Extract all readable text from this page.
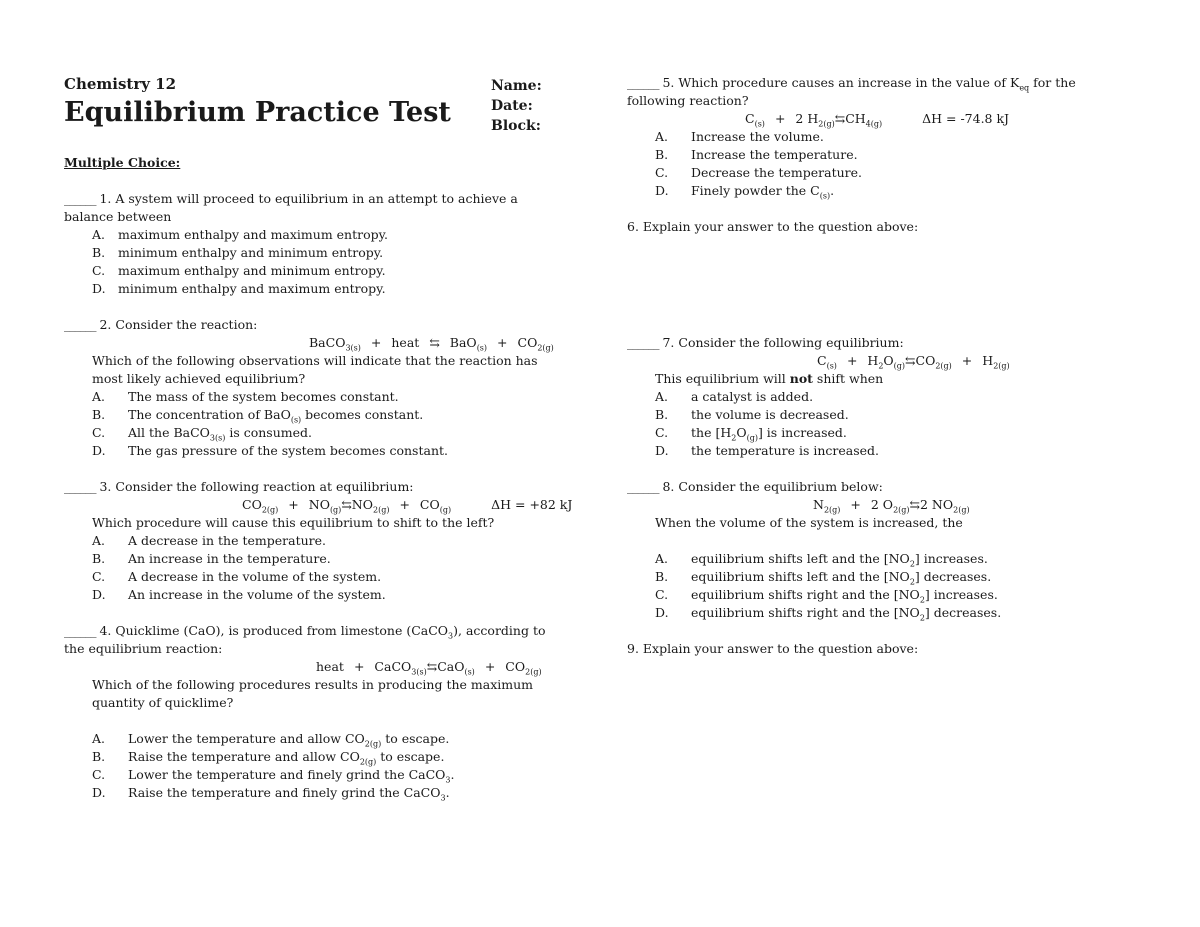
Name:
Date:
Block:
Chemistry 12
Equilibrium Practice Test
Multiple Choice:
______ 1. A system will proceed to equilibrium in an attempt to achieve a balance between
A. maximum enthalpy and maximum entropy.
B. minimum enthalpy and minimum entropy.
C. maximum enthalpy and minimum entropy.
D. minimum enthalpy and maximum entropy.
______ 2. Consider the reaction:
BaCO$_{3(s)}$ + heat ⇆ $BaO_{(s)} + CO_{2(g)}$
Which of the following observations will indicate that the reaction has most likely achieved equilibrium?
A. The mass of the system becomes constant.
B. The concentration of BaO$_{(s)}$ becomes constant.
C. All the BaCO$_{3(s)}$ is consumed.
D. The gas pressure of the system becomes constant.
______ 3. Consider the following reaction at equilibrium:
$CO_{2(g)}$ + $NO_{(g)}⇆NO_{2(g)} + CO_{(g)}$	ΔH = +82 kJ
Which procedure will cause this equilibrium to shift to the left?
A. A decrease in the temperature.
B. An increase in the temperature.
C. A decrease in the volume of the system.
D. An increase in the volume of the system.
______ 4. Quicklime (CaO), is produced from limestone (CaCO$_3$), according to the equilibrium reaction:
heat + CaCO$_{3(s)}$⇆CaO$_{(s)}$ + $CO_{2(g)}$
Which of the following procedures results in producing the maximum quantity of quicklime?
A. Lower the temperature and allow $CO_{2(g)}$ to escape.
B. Raise the temperature and allow $CO_{2(g)}$ to escape.
C. Lower the temperature and finely grind the CaCO$_3$.
D. Raise the temperature and finely grind the CaCO$_3$.
______ 5. Which procedure causes an increase in the value of $K_{eq}$ for the following reaction?
$C_{(s)} + 2$ $H_{2(g)}⇆CH_{4(g)}$	ΔH = -74.8 kJ
A. Increase the volume.
B. Increase the temperature.
C. Decrease the temperature.
D. Finely powder the $C_{(s)}$.
6. Explain your answer to the question above:
______ 7. Consider the following equilibrium:
$C_{(s)}$ + $H_2O_{(g)}⇆CO_{2(g)} + H_{2(g)}$
This equilibrium will not shift when
A. a catalyst is added.
B. the volume is decreased.
C. the $[H_2O_{(g)}]$ is increased.
D. the temperature is increased.
______ 8. Consider the equilibrium below:
$N_{2(g)} + 2$ $O_{2(g)}⇆2$ $NO_{2(g)}$
When the volume of the system is increased, the
A. equilibrium shifts left and the $[NO_2]$ increases.
B. equilibrium shifts left and the $[NO_2]$ decreases.
C. equilibrium shifts right and the $[NO_2]$ increases.
D. equilibrium shifts right and the $[NO_2]$ decreases.
9. Explain your answer to the question above:
